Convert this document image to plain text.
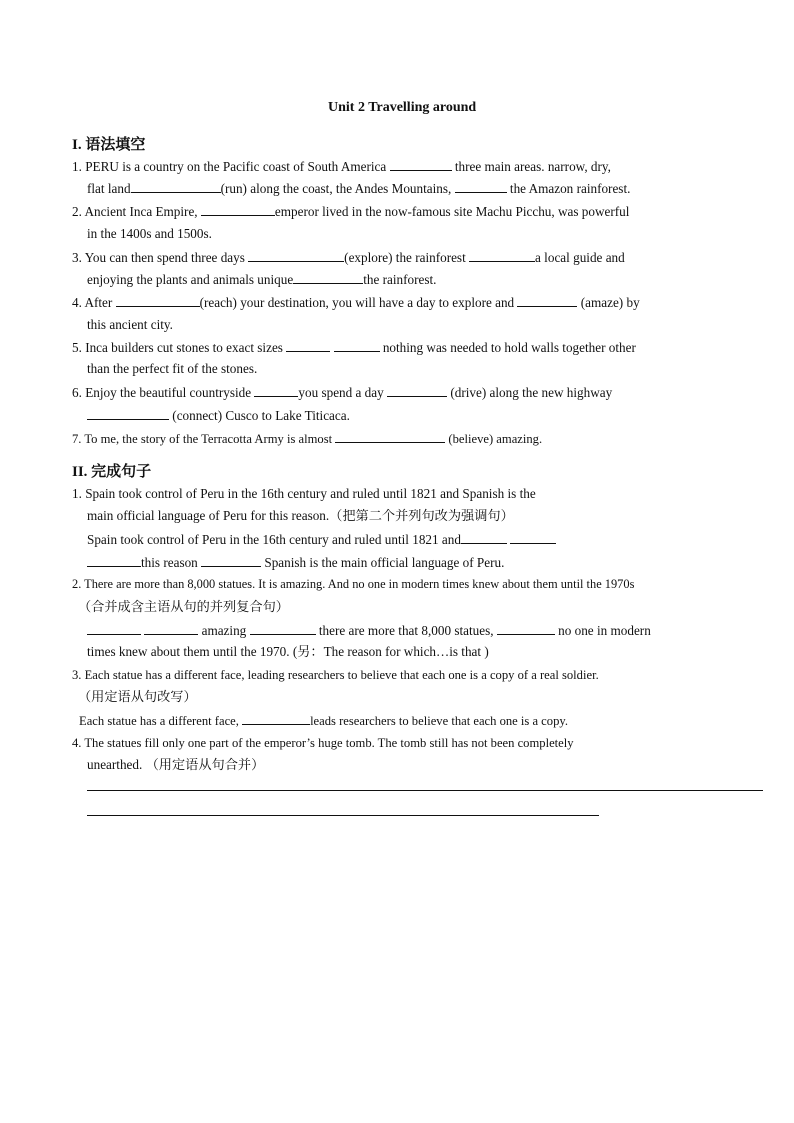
Unit 2 Travelling around
I. 语法填空
1. PERU is a country on the Pacific coast of South America	three main areas. narrow, dry,
flat land	(run) along the coast, the Andes Mountains,	the Amazon rainforest.
2. Ancient Inca Empire,	emperor lived in the now-famous site Machu Picchu, was powerful
in the 1400s and 1500s.
3. You can then spend three days	(explore) the rainforest	a local guide and
enjoying the plants and animals unique	the rainforest.
4. After	(reach) your destination, you will have a day to explore and	(amaze) by
this ancient city.
5. Inca builders cut stones to exact sizes	nothing was needed to hold walls together other
than the perfect fit of the stones.
6. Enjoy the beautiful countryside	you spend a day	(drive) along the new highway
(connect) Cusco to Lake Titicaca.
7. To me, the story of the Terracotta Army is almost	(believe) amazing.
II. 完成句子
1. Spain took control of Peru in the 16th century and ruled until 1821 and Spanish is the
main official language of Peru for this reason.（把第二个并列句改为强调句）
Spain took control of Peru in the 16th century and ruled until 1821 and
this reason	Spanish is the main official language of Peru.
2. There are more than 8,000 statues. It is amazing. And no one in modern times knew about them until the 1970s
（合并成含主语从句的并列复合句）
amazing	there are more that 8,000 statues,	no one in modern
times knew about them until the 1970. (另：The reason for which…is that )
3. Each statue has a different face, leading researchers to believe that each one is a copy of a real soldier.
（用定语从句改写）
Each statue has a different face,	leads researchers to believe that each one is a copy.
4. The statues fill only one part of the emperor’s huge tomb. The tomb still has not been completely
unearthed. （用定语从句合并）
